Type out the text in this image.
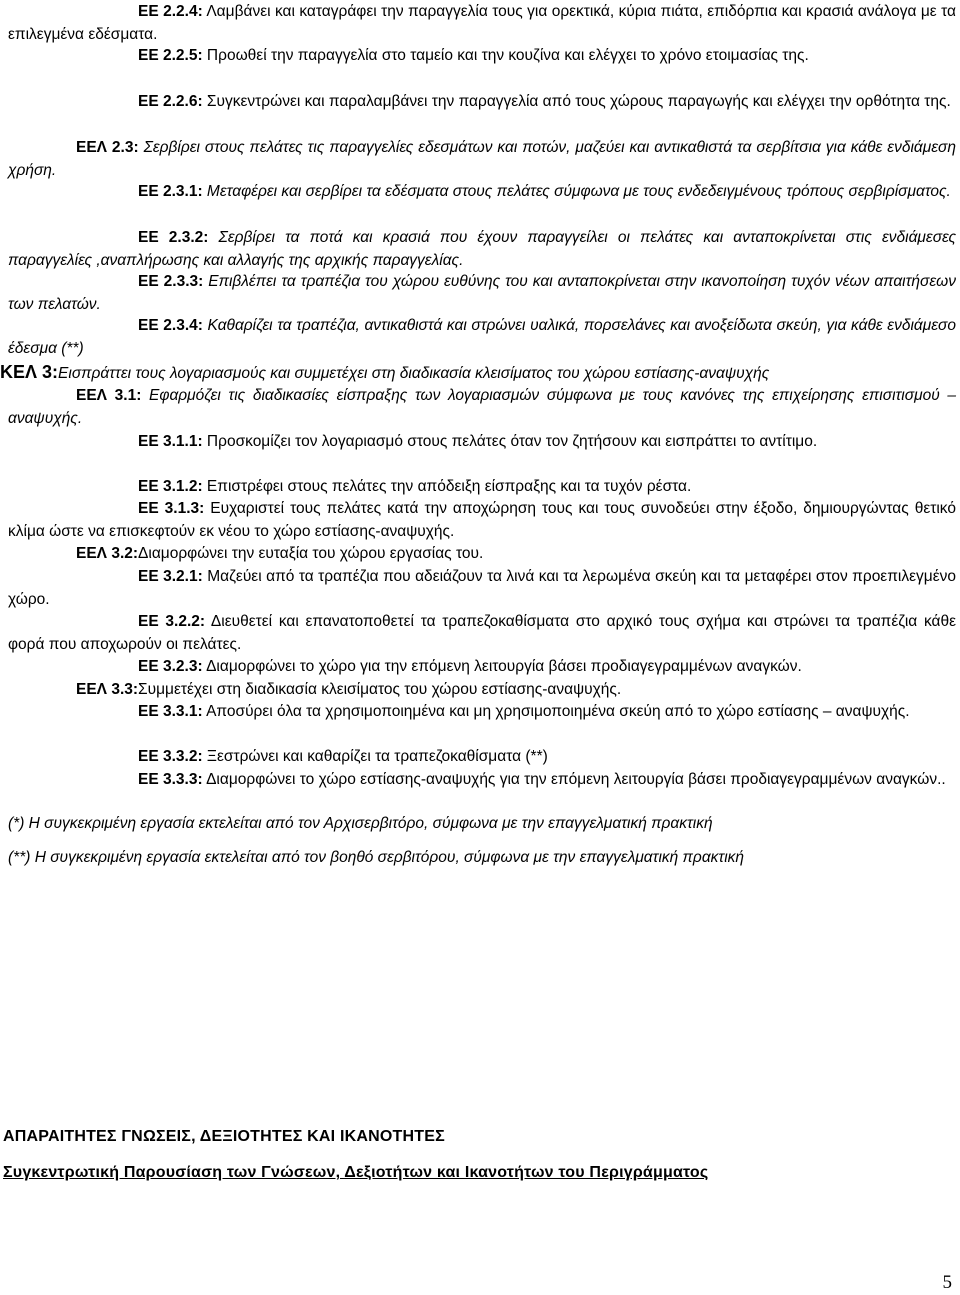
ΕΕ 2.2.4: Λαμβάνει και καταγράφει την παραγγελία τους για ορεκτικά, κύρια πιάτα, επιδόρπια και κρασιά ανάλογα με τα επιλεγμένα εδέσματα.

ΕΕ 2.2.5: Προωθεί την παραγγελία στο ταμείο και την κουζίνα και ελέγχει το χρόνο ετοιμασίας της.

ΕΕ 2.2.6: Συγκεντρώνει και παραλαμβάνει την παραγγελία από τους χώρους παραγωγής και ελέγχει την ορθότητα της.

ΕΕΛ 2.3: Σερβίρει στους πελάτες τις παραγγελίες εδεσμάτων και ποτών, μαζεύει και αντικαθιστά τα σερβίτσια για κάθε ενδιάμεση χρήση.

ΕΕ 2.3.1: Μεταφέρει και σερβίρει τα εδέσματα στους πελάτες σύμφωνα με τους ενδεδειγμένους τρόπους σερβιρίσματος.

ΕΕ 2.3.2: Σερβίρει τα ποτά και κρασιά που έχουν παραγγείλει οι πελάτες και ανταποκρίνεται στις ενδιάμεσες παραγγελίες ,αναπλήρωσης και αλλαγής της αρχικής παραγγελίας.

ΕΕ 2.3.3: Επιβλέπει τα τραπέζια του χώρου ευθύνης του και ανταποκρίνεται στην ικανοποίηση τυχόν νέων απαιτήσεων των πελατών.

ΕΕ 2.3.4: Καθαρίζει τα τραπέζια, αντικαθιστά και στρώνει υαλικά, πορσελάνες και ανοξείδωτα σκεύη, για κάθε ενδιάμεσο έδεσμα (**)

ΚΕΛ 3:Εισπράττει τους λογαριασμούς και συμμετέχει στη διαδικασία κλεισίματος του χώρου εστίασης-αναψυχής

ΕΕΛ 3.1: Εφαρμόζει τις διαδικασίες είσπραξης των λογαριασμών σύμφωνα με τους κανόνες της επιχείρησης επισιτισμού – αναψυχής.

ΕΕ 3.1.1: Προσκομίζει τον λογαριασμό στους πελάτες όταν τον ζητήσουν και εισπράττει το αντίτιμο.

ΕΕ 3.1.2: Επιστρέφει στους πελάτες την απόδειξη είσπραξης και τα τυχόν ρέστα.

ΕΕ 3.1.3: Ευχαριστεί τους πελάτες κατά την αποχώρηση τους και τους συνοδεύει στην έξοδο, δημιουργώντας θετικό κλίμα ώστε να επισκεφτούν εκ νέου το χώρο εστίασης-αναψυχής.

ΕΕΛ 3.2:Διαμορφώνει την ευταξία του χώρου εργασίας του.

ΕΕ 3.2.1: Μαζεύει από τα τραπέζια που αδειάζουν τα λινά και τα λερωμένα σκεύη και τα μεταφέρει στον προεπιλεγμένο χώρο.

ΕΕ 3.2.2: Διευθετεί και επανατοποθετεί τα τραπεζοκαθίσματα στο αρχικό τους σχήμα και στρώνει τα τραπέζια κάθε φορά που αποχωρούν οι πελάτες.

ΕΕ 3.2.3: Διαμορφώνει το χώρο για την επόμενη λειτουργία βάσει προδιαγεγραμμένων αναγκών.

ΕΕΛ 3.3:Συμμετέχει στη διαδικασία κλεισίματος του χώρου εστίασης-αναψυχής.

ΕΕ 3.3.1: Αποσύρει όλα τα χρησιμοποιημένα και μη χρησιμοποιημένα σκεύη από το χώρο εστίασης – αναψυχής.

ΕΕ 3.3.2: Ξεστρώνει και καθαρίζει τα τραπεζοκαθίσματα (**)

ΕΕ 3.3.3: Διαμορφώνει το χώρο εστίασης-αναψυχής για την επόμενη λειτουργία βάσει προδιαγεγραμμένων αναγκών..

(*) Η συγκεκριμένη εργασία εκτελείται από τον Αρχισερβιτόρο, σύμφωνα με την επαγγελματική πρακτική

(**) Η συγκεκριμένη εργασία εκτελείται από τον βοηθό σερβιτόρου, σύμφωνα με την επαγγελματική πρακτική

ΑΠΑΡΑΙΤΗΤΕΣ ΓΝΩΣΕΙΣ, ΔΕΞΙΟΤΗΤΕΣ ΚΑΙ ΙΚΑΝΟΤΗΤΕΣ
Συγκεντρωτική Παρουσίαση των Γνώσεων, Δεξιοτήτων και Ικανοτήτων του Περιγράμματος
5
